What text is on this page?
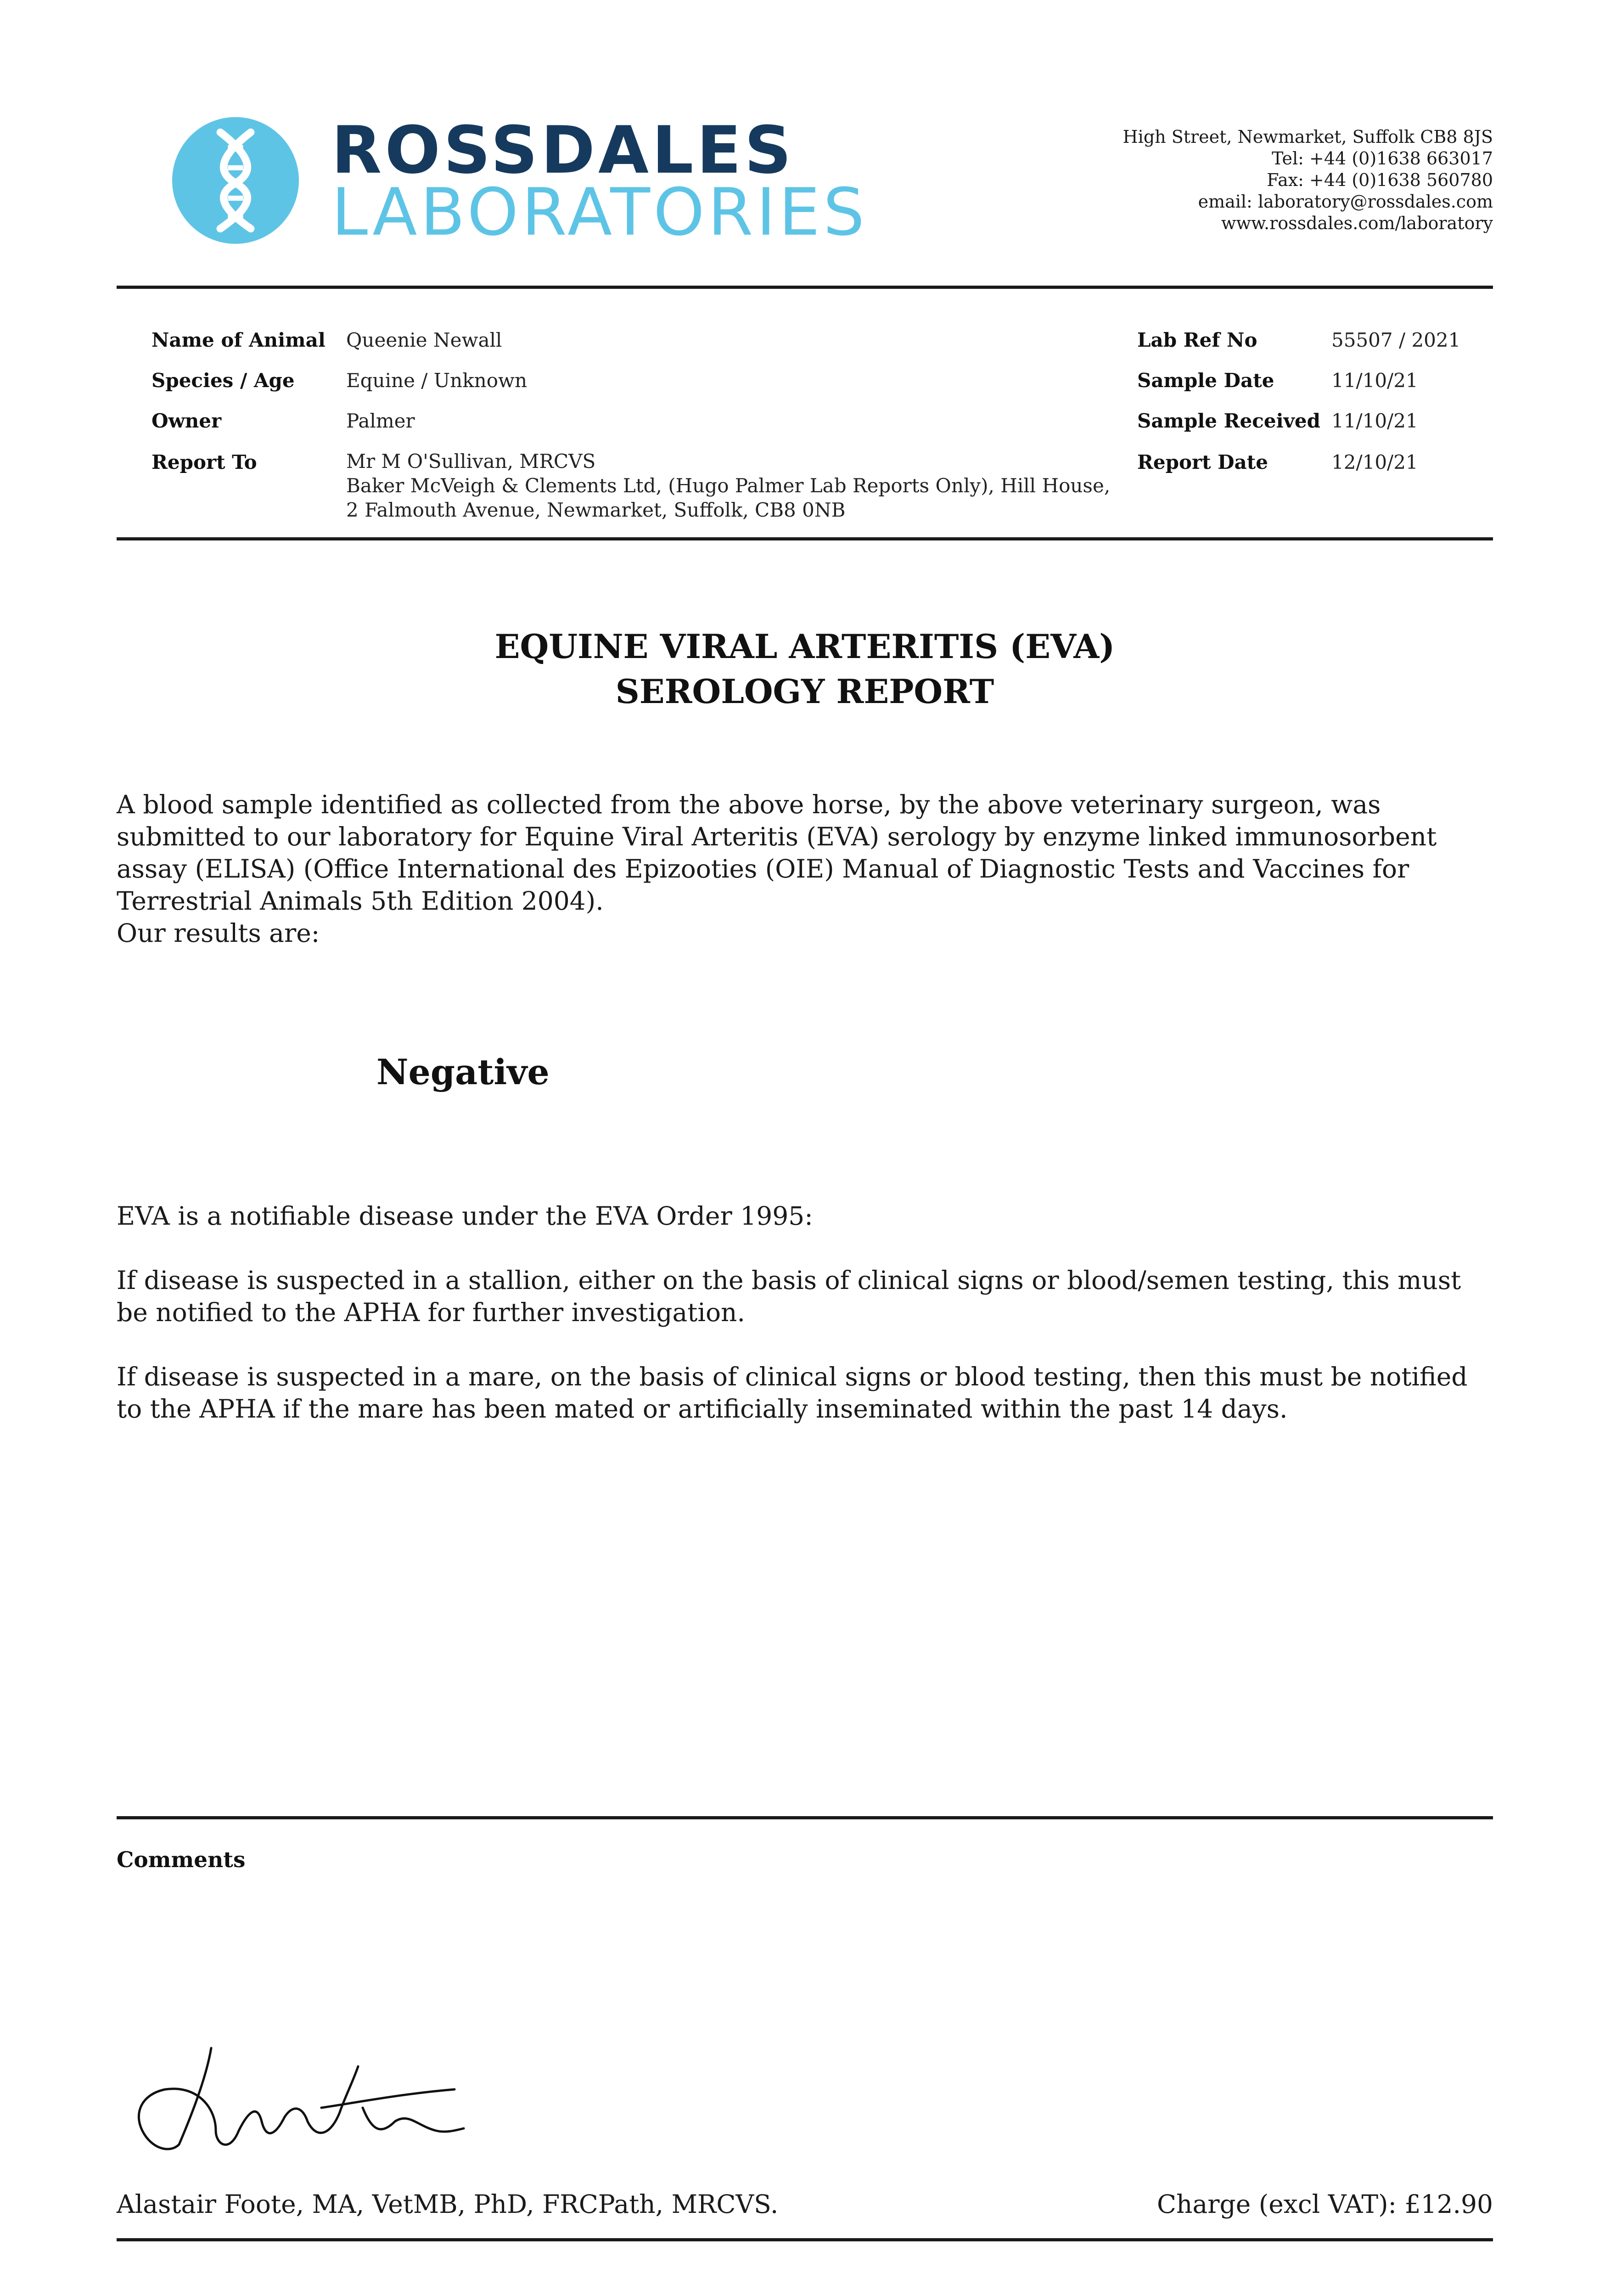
ROSSDALES
LABORATORIES
High Street, Newmarket, Suffolk CB8 8JS
Tel: +44 (0)1638 663017
Fax: +44 (0)1638 560780
email: laboratory@rossdales.com
www.rossdales.com/laboratory
Name of Animal Queenie Newall
Species / Age	Equine / Unknown
Owner	Palmer
Report To	Mr M O'Sullivan, MRCVS
Baker McVeigh & Clements Ltd, (Hugo Palmer Lab Reports Only), Hill House, 2 Falmouth Avenue, Newmarket, Suffolk, CB8 0NB
Lab Ref No	55507 / 2021
Sample Date	11/10/21
Sample Received 11/10/21
Report Date	12/10/21
EQUINE VIRAL ARTERITIS (EVA)
SEROLOGY REPORT
A blood sample identified as collected from the above horse, by the above veterinary surgeon, was submitted to our laboratory for Equine Viral Arteritis (EVA) serology by enzyme linked immunosorbent assay (ELISA) (Office International des Epizooties (OIE) Manual of Diagnostic Tests and Vaccines for Terrestrial Animals 5th Edition 2004).
Our results are:
Negative
EVA is a notifiable disease under the EVA Order 1995:
If disease is suspected in a stallion, either on the basis of clinical signs or blood/semen testing, this must be notified to the APHA for further investigation.
If disease is suspected in a mare, on the basis of clinical signs or blood testing, then this must be notified to the APHA if the mare has been mated or artificially inseminated within the past 14 days.
Comments
Alastair Foote, MA, VetMB, PhD, FRCPath, MRCVS.	Charge (excl VAT): £12.90
